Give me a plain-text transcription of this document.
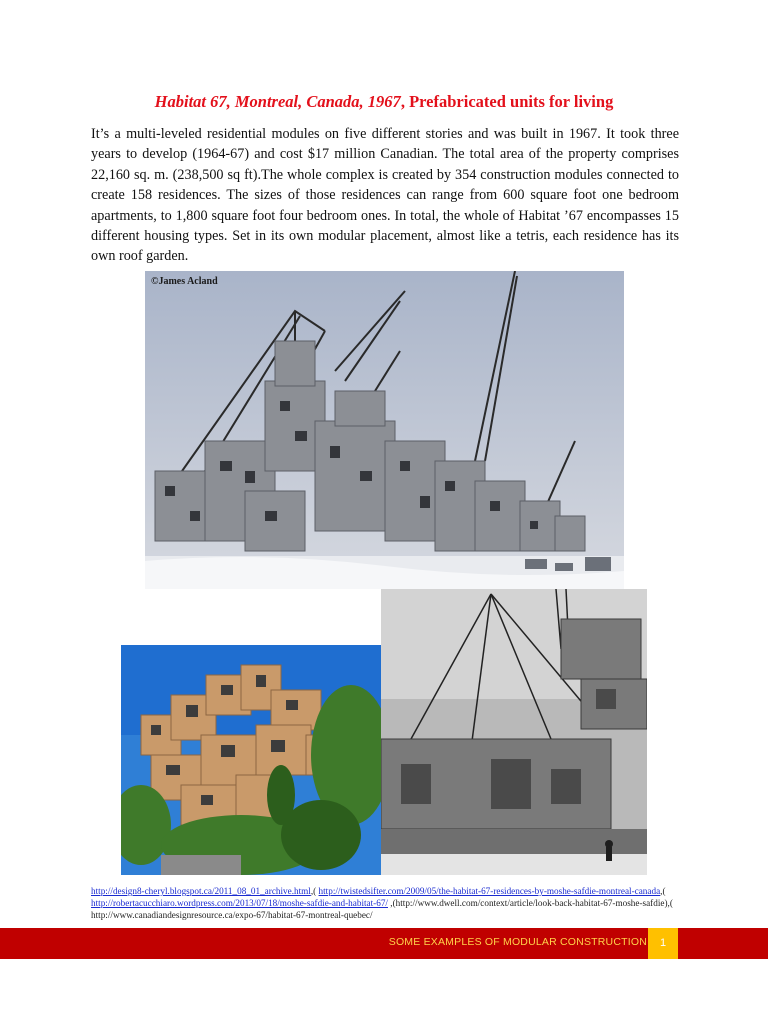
Habitat 67, Montreal, Canada, 1967, Prefabricated units for living
It’s a multi-leveled residential modules on five different stories and was built in 1967. It took three years to develop (1964-67) and cost $17 million Canadian. The total area of the property comprises 22,160 sq. m. (238,500 sq ft).The whole complex is created by 354 construction modules connected to create 158 residences. The sizes of those residences can range from 600 square foot one bedroom apartments, to 1,800 square foot four bedroom ones. In total, the whole of Habitat ’67 encompasses 15 different housing types. Set in its own modular placement, almost like a tetris, each residence has its own roof garden.
©James Acland
http://design8-cheryl.blogspot.ca/2011_08_01_archive.html,( http://twistedsifter.com/2009/05/the-habitat-67-residences-by-moshe-safdie-montreal-canada,( http://robertacucchiaro.wordpress.com/2013/07/18/moshe-safdie-and-habitat-67/ ,(http://www.dwell.com/context/article/look-back-habitat-67-moshe-safdie),( http://www.canadiandesignresource.ca/expo-67/habitat-67-montreal-quebec/
SOME EXAMPLES OF MODULAR CONSTRUCTION	1
